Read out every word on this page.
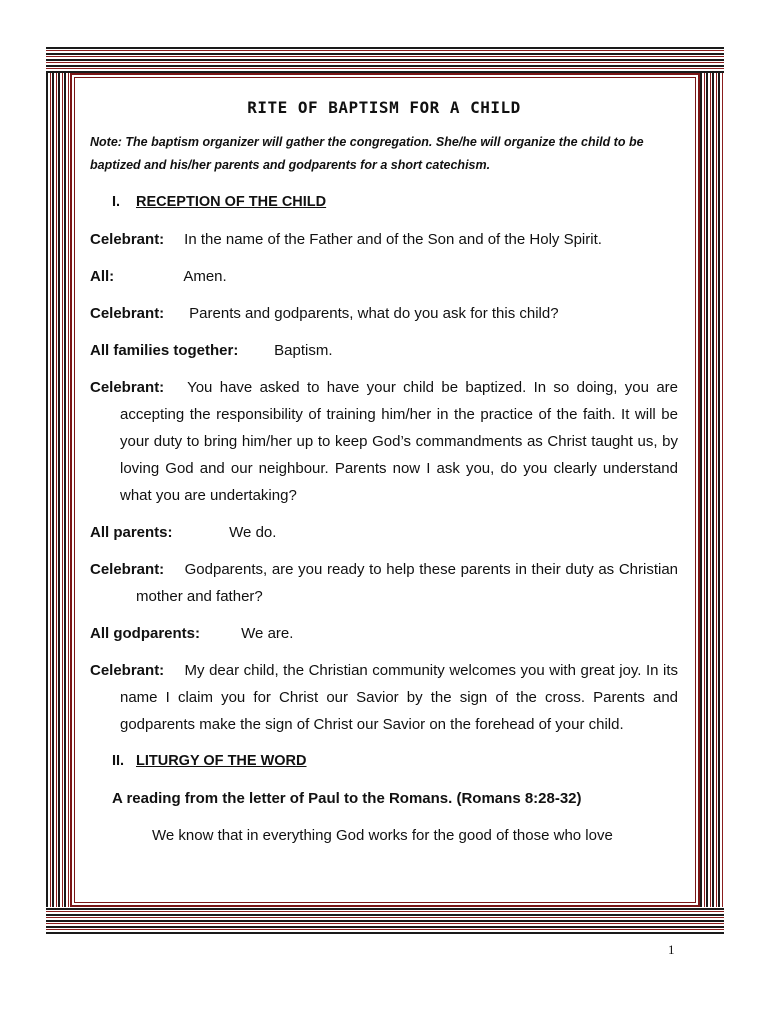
RITE OF BAPTISM FOR A CHILD
Note: The baptism organizer will gather the congregation. She/he will organize the child to be baptized and his/her parents and godparents for a short catechism.
I. RECEPTION OF THE CHILD
Celebrant: In the name of the Father and of the Son and of the Holy Spirit.
All:	Amen.
Celebrant: Parents and godparents, what do you ask for this child?
All families together: Baptism.
Celebrant: You have asked to have your child be baptized. In so doing, you are accepting the responsibility of training him/her in the practice of the faith. It will be your duty to bring him/her up to keep God’s commandments as Christ taught us, by loving God and our neighbour. Parents now I ask you, do you clearly understand what you are undertaking?
All parents:	We do.
Celebrant: Godparents, are you ready to help these parents in their duty as Christian mother and father?
All godparents:	We are.
Celebrant: My dear child, the Christian community welcomes you with great joy. In its name I claim you for Christ our Savior by the sign of the cross. Parents and godparents make the sign of Christ our Savior on the forehead of your child.
II. LITURGY OF THE WORD
A reading from the letter of Paul to the Romans. (Romans 8:28-32)
We know that in everything God works for the good of those who love
1
